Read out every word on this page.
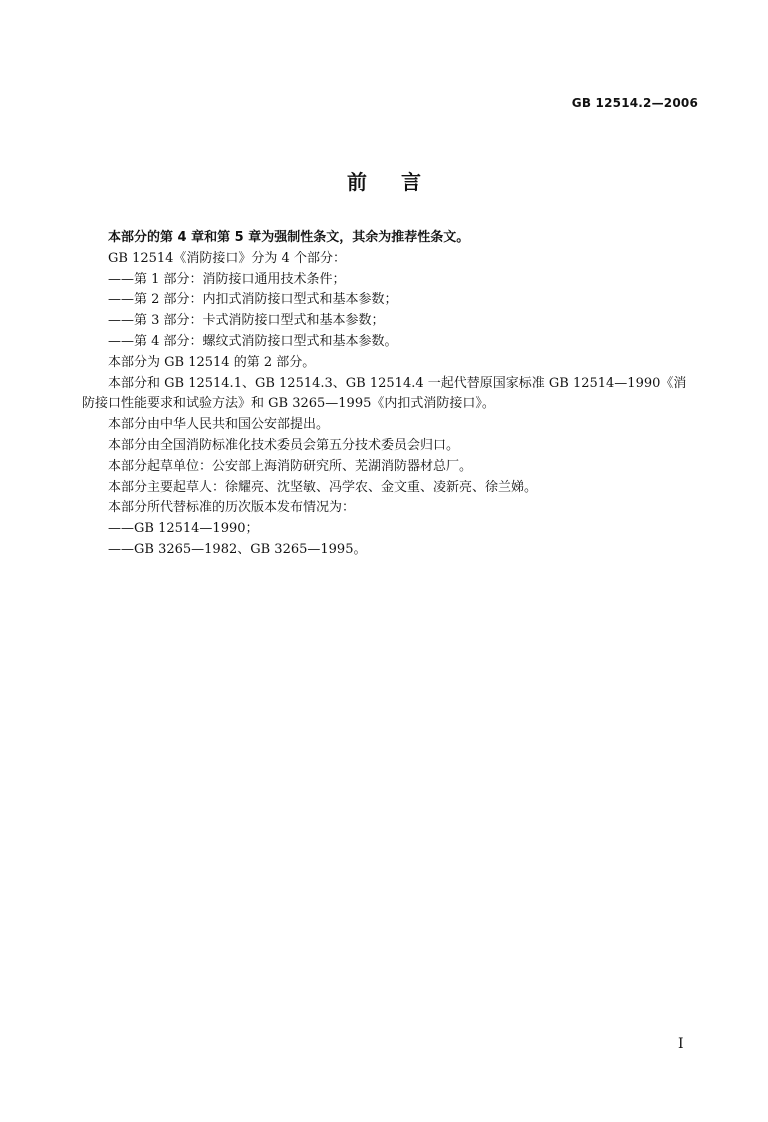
GB 12514.2—2006
前言

本部分的第 4 章和第 5 章为强制性条文，其余为推荐性条文。

GB 12514《消防接口》分为 4 个部分：

——第 1 部分：消防接口通用技术条件；

——第 2 部分：内扣式消防接口型式和基本参数；

——第 3 部分：卡式消防接口型式和基本参数；

——第 4 部分：螺纹式消防接口型式和基本参数。

本部分为 GB 12514 的第 2 部分。

本部分和 GB 12514.1、GB 12514.3、GB 12514.4 一起代替原国家标准 GB 12514—1990《消防接口性能要求和试验方法》和 GB 3265—1995《内扣式消防接口》。

本部分由中华人民共和国公安部提出。

本部分由全国消防标准化技术委员会第五分技术委员会归口。

本部分起草单位：公安部上海消防研究所、芜湖消防器材总厂。

本部分主要起草人：徐耀亮、沈坚敏、冯学农、金文重、凌新亮、徐兰娣。

本部分所代替标准的历次版本发布情况为：

——GB 12514—1990；

——GB 3265—1982、GB 3265—1995。

I
